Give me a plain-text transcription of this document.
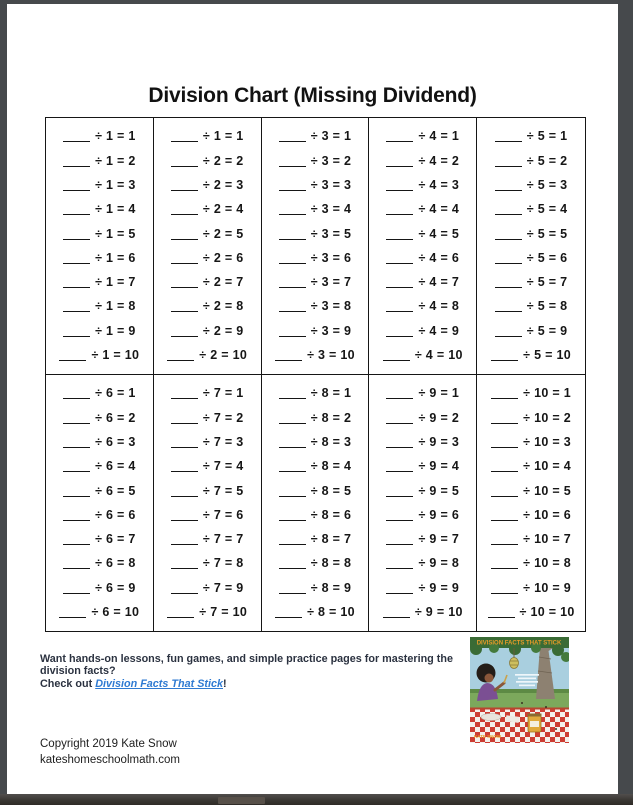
Division Chart (Missing Dividend)
÷ 1 = 1
÷ 1 = 2
÷ 1 = 3
÷ 1 = 4
÷ 1 = 5
÷ 1 = 6
÷ 1 = 7
÷ 1 = 8
÷ 1 = 9
÷ 1 = 10
÷ 1 = 1
÷ 2 = 2
÷ 2 = 3
÷ 2 = 4
÷ 2 = 5
÷ 2 = 6
÷ 2 = 7
÷ 2 = 8
÷ 2 = 9
÷ 2 = 10
÷ 3 = 1
÷ 3 = 2
÷ 3 = 3
÷ 3 = 4
÷ 3 = 5
÷ 3 = 6
÷ 3 = 7
÷ 3 = 8
÷ 3 = 9
÷ 3 = 10
÷ 4 = 1
÷ 4 = 2
÷ 4 = 3
÷ 4 = 4
÷ 4 = 5
÷ 4 = 6
÷ 4 = 7
÷ 4 = 8
÷ 4 = 9
÷ 4 = 10
÷ 5 = 1
÷ 5 = 2
÷ 5 = 3
÷ 5 = 4
÷ 5 = 5
÷ 5 = 6
÷ 5 = 7
÷ 5 = 8
÷ 5 = 9
÷ 5 = 10
÷ 6 = 1
÷ 6 = 2
÷ 6 = 3
÷ 6 = 4
÷ 6 = 5
÷ 6 = 6
÷ 6 = 7
÷ 6 = 8
÷ 6 = 9
÷ 6 = 10
÷ 7 = 1
÷ 7 = 2
÷ 7 = 3
÷ 7 = 4
÷ 7 = 5
÷ 7 = 6
÷ 7 = 7
÷ 7 = 8
÷ 7 = 9
÷ 7 = 10
÷ 8 = 1
÷ 8 = 2
÷ 8 = 3
÷ 8 = 4
÷ 8 = 5
÷ 8 = 6
÷ 8 = 7
÷ 8 = 8
÷ 8 = 9
÷ 8 = 10
÷ 9 = 1
÷ 9 = 2
÷ 9 = 3
÷ 9 = 4
÷ 9 = 5
÷ 9 = 6
÷ 9 = 7
÷ 9 = 8
÷ 9 = 9
÷ 9 = 10
÷ 10 = 1
÷ 10 = 2
÷ 10 = 3
÷ 10 = 4
÷ 10 = 5
÷ 10 = 6
÷ 10 = 7
÷ 10 = 8
÷ 10 = 9
÷ 10 = 10
Want hands-on lessons, fun games, and simple practice pages for mastering the division facts?
Check out Division Facts That Stick!
DIVISION FACTS THAT STICK
KATE SNOW
Copyright 2019 Kate Snow
kateshomeschoolmath.com
